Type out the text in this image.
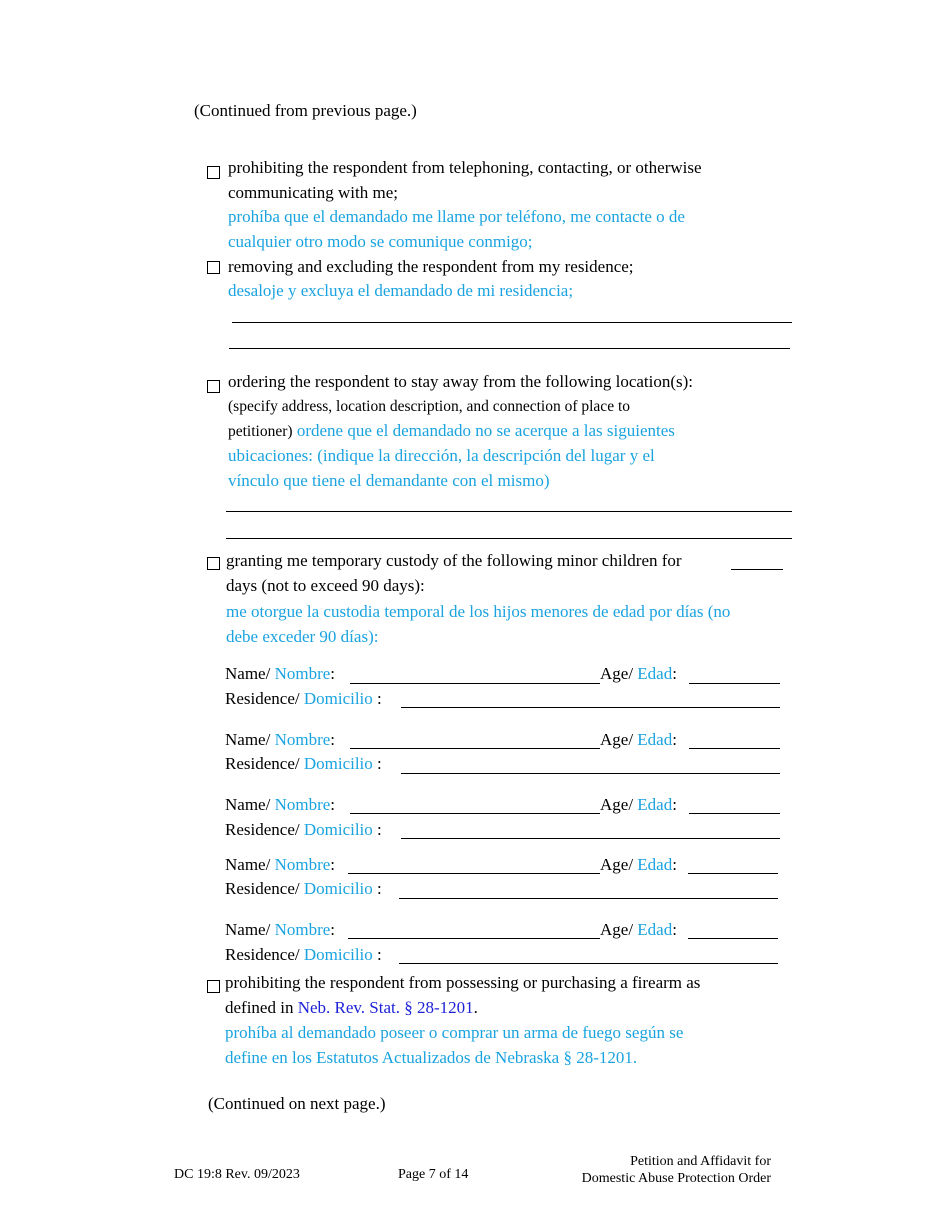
(Continued from previous page.)
prohibiting the respondent from telephoning, contacting, or otherwise
communicating with me;
prohíba que el demandado me llame por teléfono, me contacte o de
cualquier otro modo se comunique conmigo;
removing and excluding the respondent from my residence;
desaloje y excluya el demandado de mi residencia;
ordering the respondent to stay away from the following location(s):
(specify address, location description, and connection of place to
petitioner) ordene que el demandado no se acerque a las siguientes
ubicaciones: (indique la dirección, la descripción del lugar y el
vínculo que tiene el demandante con el mismo)
granting me temporary custody of the following minor children for
days (not to exceed 90 days):
me otorgue la custodia temporal de los hijos menores de edad por días (no
debe exceder 90 días):
Name/ Nombre:	Age/ Edad:
Residence/ Domicilio :
Name/ Nombre:	Age/ Edad:
Residence/ Domicilio :
Name/ Nombre:	Age/ Edad:
Residence/ Domicilio :
Name/ Nombre:	Age/ Edad:
Residence/ Domicilio :
Name/ Nombre:	Age/ Edad:
Residence/ Domicilio :
prohibiting the respondent from possessing or purchasing a firearm as
defined in Neb. Rev. Stat. § 28-1201.
prohíba al demandado poseer o comprar un arma de fuego según se
define en los Estatutos Actualizados de Nebraska § 28-1201.
(Continued on next page.)
DC 19:8 Rev. 09/2023	Page 7 of 14
Petition and Affidavit for
Domestic Abuse Protection Order
